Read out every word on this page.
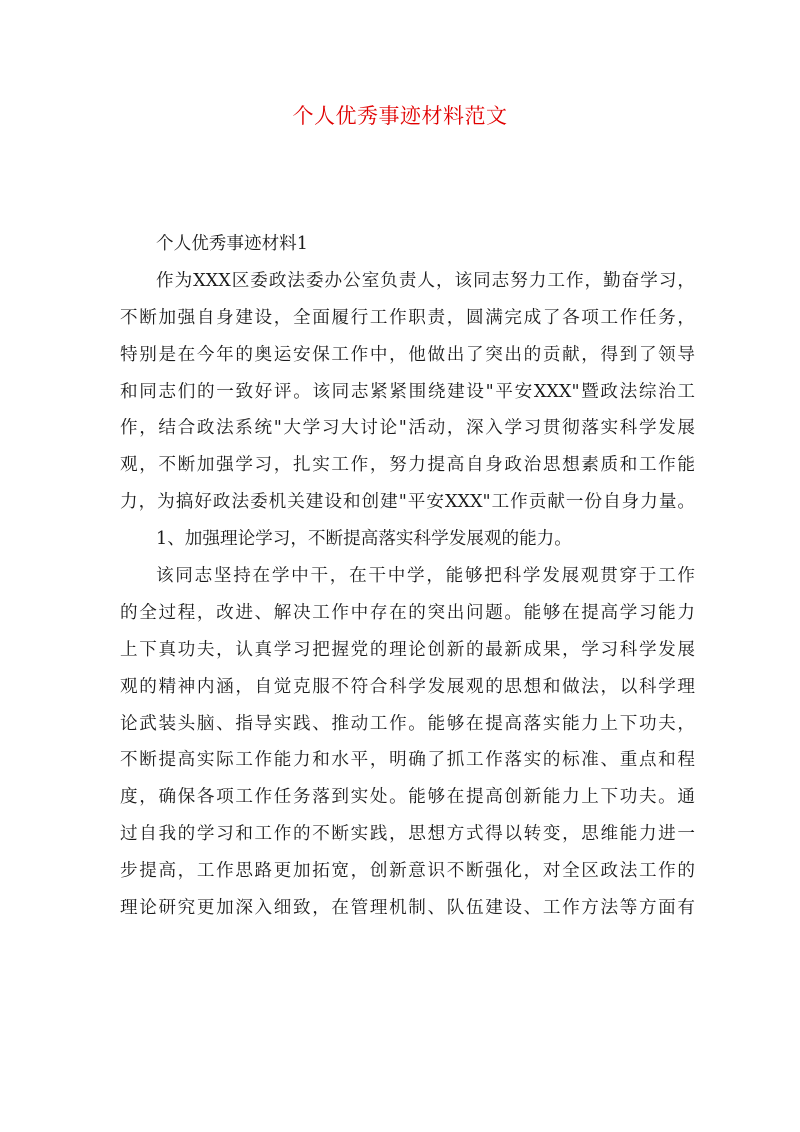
个人优秀事迹材料范文
个人优秀事迹材料1
作为XXX区委政法委办公室负责人，该同志努力工作，勤奋学习，
不断加强自身建设，全面履行工作职责，圆满完成了各项工作任务，
特别是在今年的奥运安保工作中，他做出了突出的贡献，得到了领导
和同志们的一致好评。该同志紧紧围绕建设"平安XXX"暨政法综治工
作，结合政法系统"大学习大讨论"活动，深入学习贯彻落实科学发展
观，不断加强学习，扎实工作，努力提高自身政治思想素质和工作能
力，为搞好政法委机关建设和创建"平安XXX"工作贡献一份自身力量。
1、加强理论学习，不断提高落实科学发展观的能力。
该同志坚持在学中干，在干中学，能够把科学发展观贯穿于工作
的全过程，改进、解决工作中存在的突出问题。能够在提高学习能力
上下真功夫，认真学习把握党的理论创新的最新成果，学习科学发展
观的精神内涵，自觉克服不符合科学发展观的思想和做法，以科学理
论武装头脑、指导实践、推动工作。能够在提高落实能力上下功夫，
不断提高实际工作能力和水平，明确了抓工作落实的标准、重点和程
度，确保各项工作任务落到实处。能够在提高创新能力上下功夫。通
过自我的学习和工作的不断实践，思想方式得以转变，思维能力进一
步提高，工作思路更加拓宽，创新意识不断强化，对全区政法工作的
理论研究更加深入细致，在管理机制、队伍建设、工作方法等方面有
